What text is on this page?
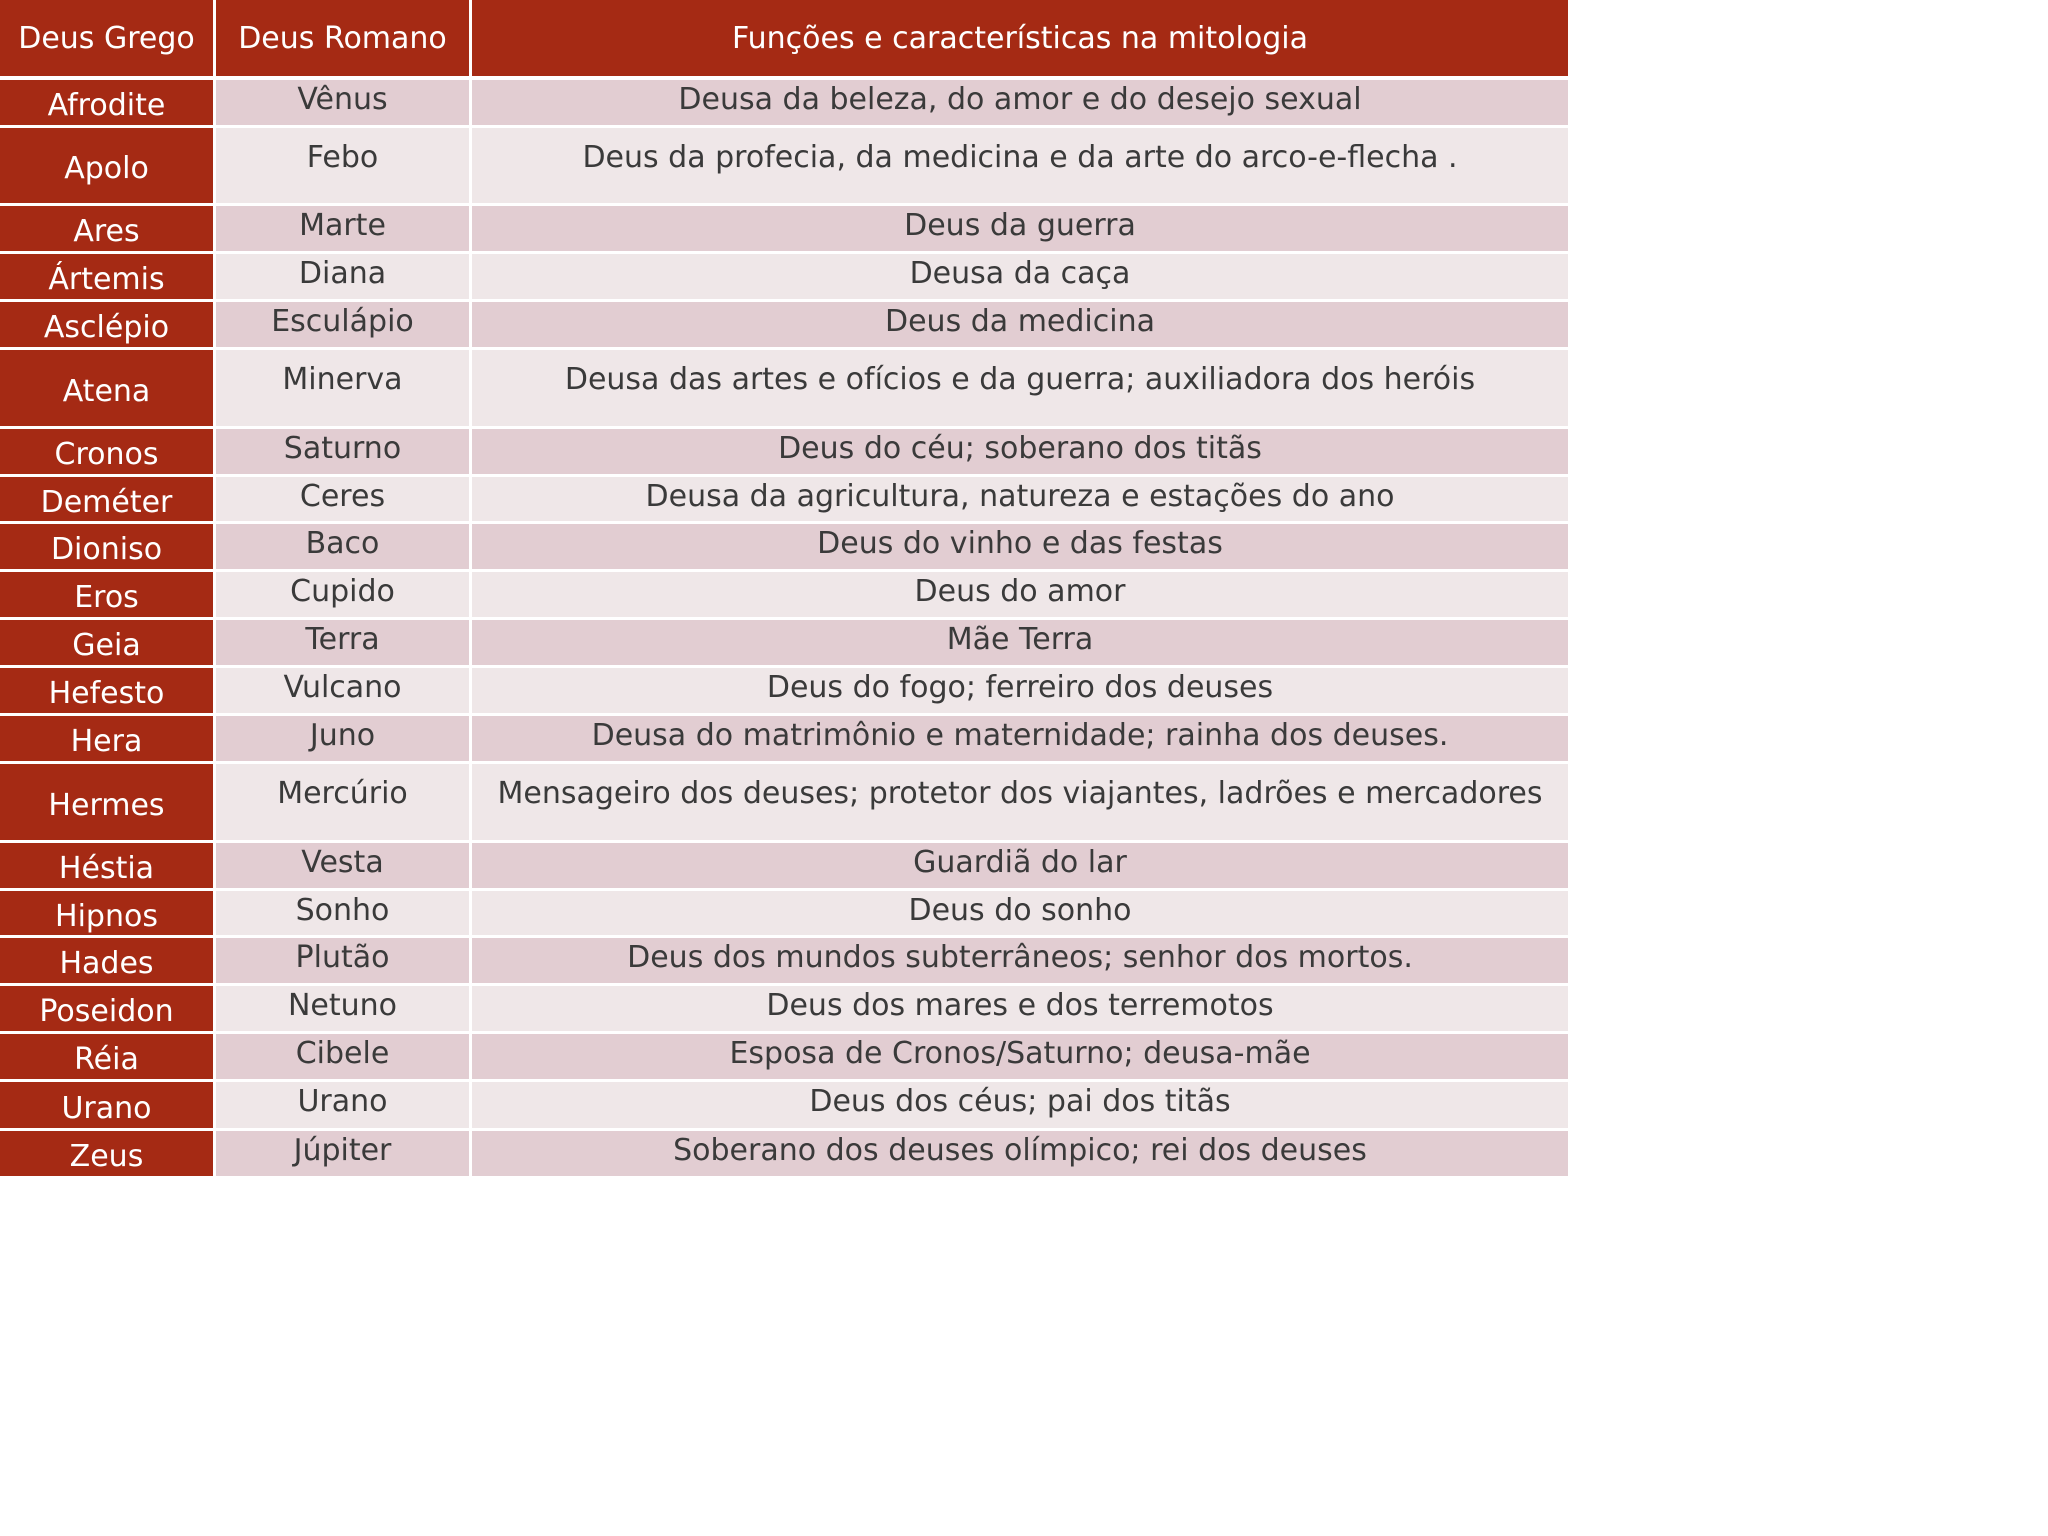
Deus Grego	Deus Romano	Funções e características na mitologia
Afrodite	Vênus	Deusa da beleza, do amor e do desejo sexual
Apolo	Febo	Deus da profecia, da medicina e da arte do arco-e-flecha .
Ares	Marte	Deus da guerra
Ártemis	Diana	Deusa da caça
Asclépio	Esculápio	Deus da medicina
Atena	Minerva	Deusa das artes e ofícios e da guerra; auxiliadora dos heróis
Cronos	Saturno	Deus do céu; soberano dos titãs
Deméter	Ceres	Deusa da agricultura, natureza e estações do ano
Dioniso	Baco	Deus do vinho e das festas
Eros	Cupido	Deus do amor
Geia	Terra	Mãe Terra
Hefesto	Vulcano	Deus do fogo; ferreiro dos deuses
Hera	Juno	Deusa do matrimônio e maternidade; rainha dos deuses.
Hermes	Mercúrio	Mensageiro dos deuses; protetor dos viajantes, ladrões e mercadores
Héstia	Vesta	Guardiã do lar
Hipnos	Sonho	Deus do sonho
Hades	Plutão	Deus dos mundos subterrâneos; senhor dos mortos.
Poseidon	Netuno	Deus dos mares e dos terremotos
Réia	Cibele	Esposa de Cronos/Saturno; deusa-mãe
Urano	Urano	Deus dos céus; pai dos titãs
Zeus	Júpiter	Soberano dos deuses olímpico; rei dos deuses
